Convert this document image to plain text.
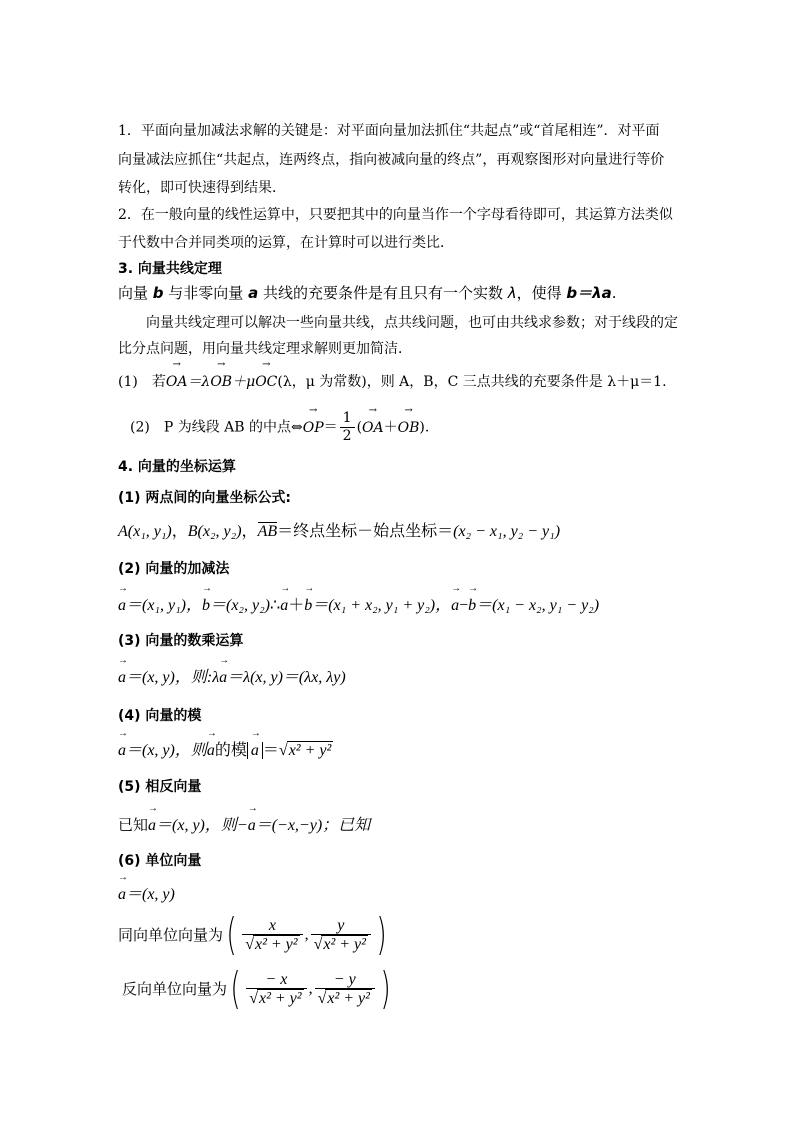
1．平面向量加减法求解的关键是：对平面向量加法抓住“共起点”或“首尾相连”．对平面
向量减法应抓住“共起点，连两终点，指向被减向量的终点”，再观察图形对向量进行等价
转化，即可快速得到结果．
2．在一般向量的线性运算中，只要把其中的向量当作一个字母看待即可，其运算方法类似
于代数中合并同类项的运算，在计算时可以进行类比．
3. 向量共线定理
向量 b 与非零向量 a 共线的充要条件是有且只有一个实数 λ，使得 b＝λa.
向量共线定理可以解决一些向量共线，点共线问题，也可由共线求参数；对于线段的定
比分点问题，用向量共线定理求解则更加简洁．
(1)　若→ OA＝λ→ OB＋μ→ OC(λ，μ 为常数)，则 A，B，C 三点共线的充要条件是 λ＋μ＝1.
(2)　P 为线段 AB 的中点⇔→ $OP= \frac{1}{2}$ (→ OA＋→ OB).
4. 向量的坐标运算
(1) 两点间的向量坐标公式:
A(x₁, y₁)，B(x₂, y₂)，AB＝终点坐标－始点坐标＝(x₂ − x₁, y₂ − y₁)
(2) 向量的加减法
→ a＝(x₁, y₁)，→ b＝(x₂, y₂)∴→ a＋→ b＝(x₁ + x₂, y₁ + y₂)，→ a−→ b＝(x₁ − x₂, y₁ − y₂)
(3) 向量的数乘运算
→ a＝(x, y)，则:λ→ a＝λ(x, y)＝(λx, λy)
(4) 向量的模
→ a＝(x, y)，则→ a的模→ a ＝√x² + y²
(5) 相反向量
已知→ a＝(x, y)，则−→ a＝(−x,−y)；已知
(6) 单位向量
→ a＝(x, y)
同向单位向量为 ( $\frac{x}{\text{√x² + y²}}$ , $\frac{y}{\text{√x² + y²}}$ )
反向单位向量为 ( $\frac{- x}{\text{√x² + y²}}$ , $\frac{- y}{\text{√x² + y²}}$ )
